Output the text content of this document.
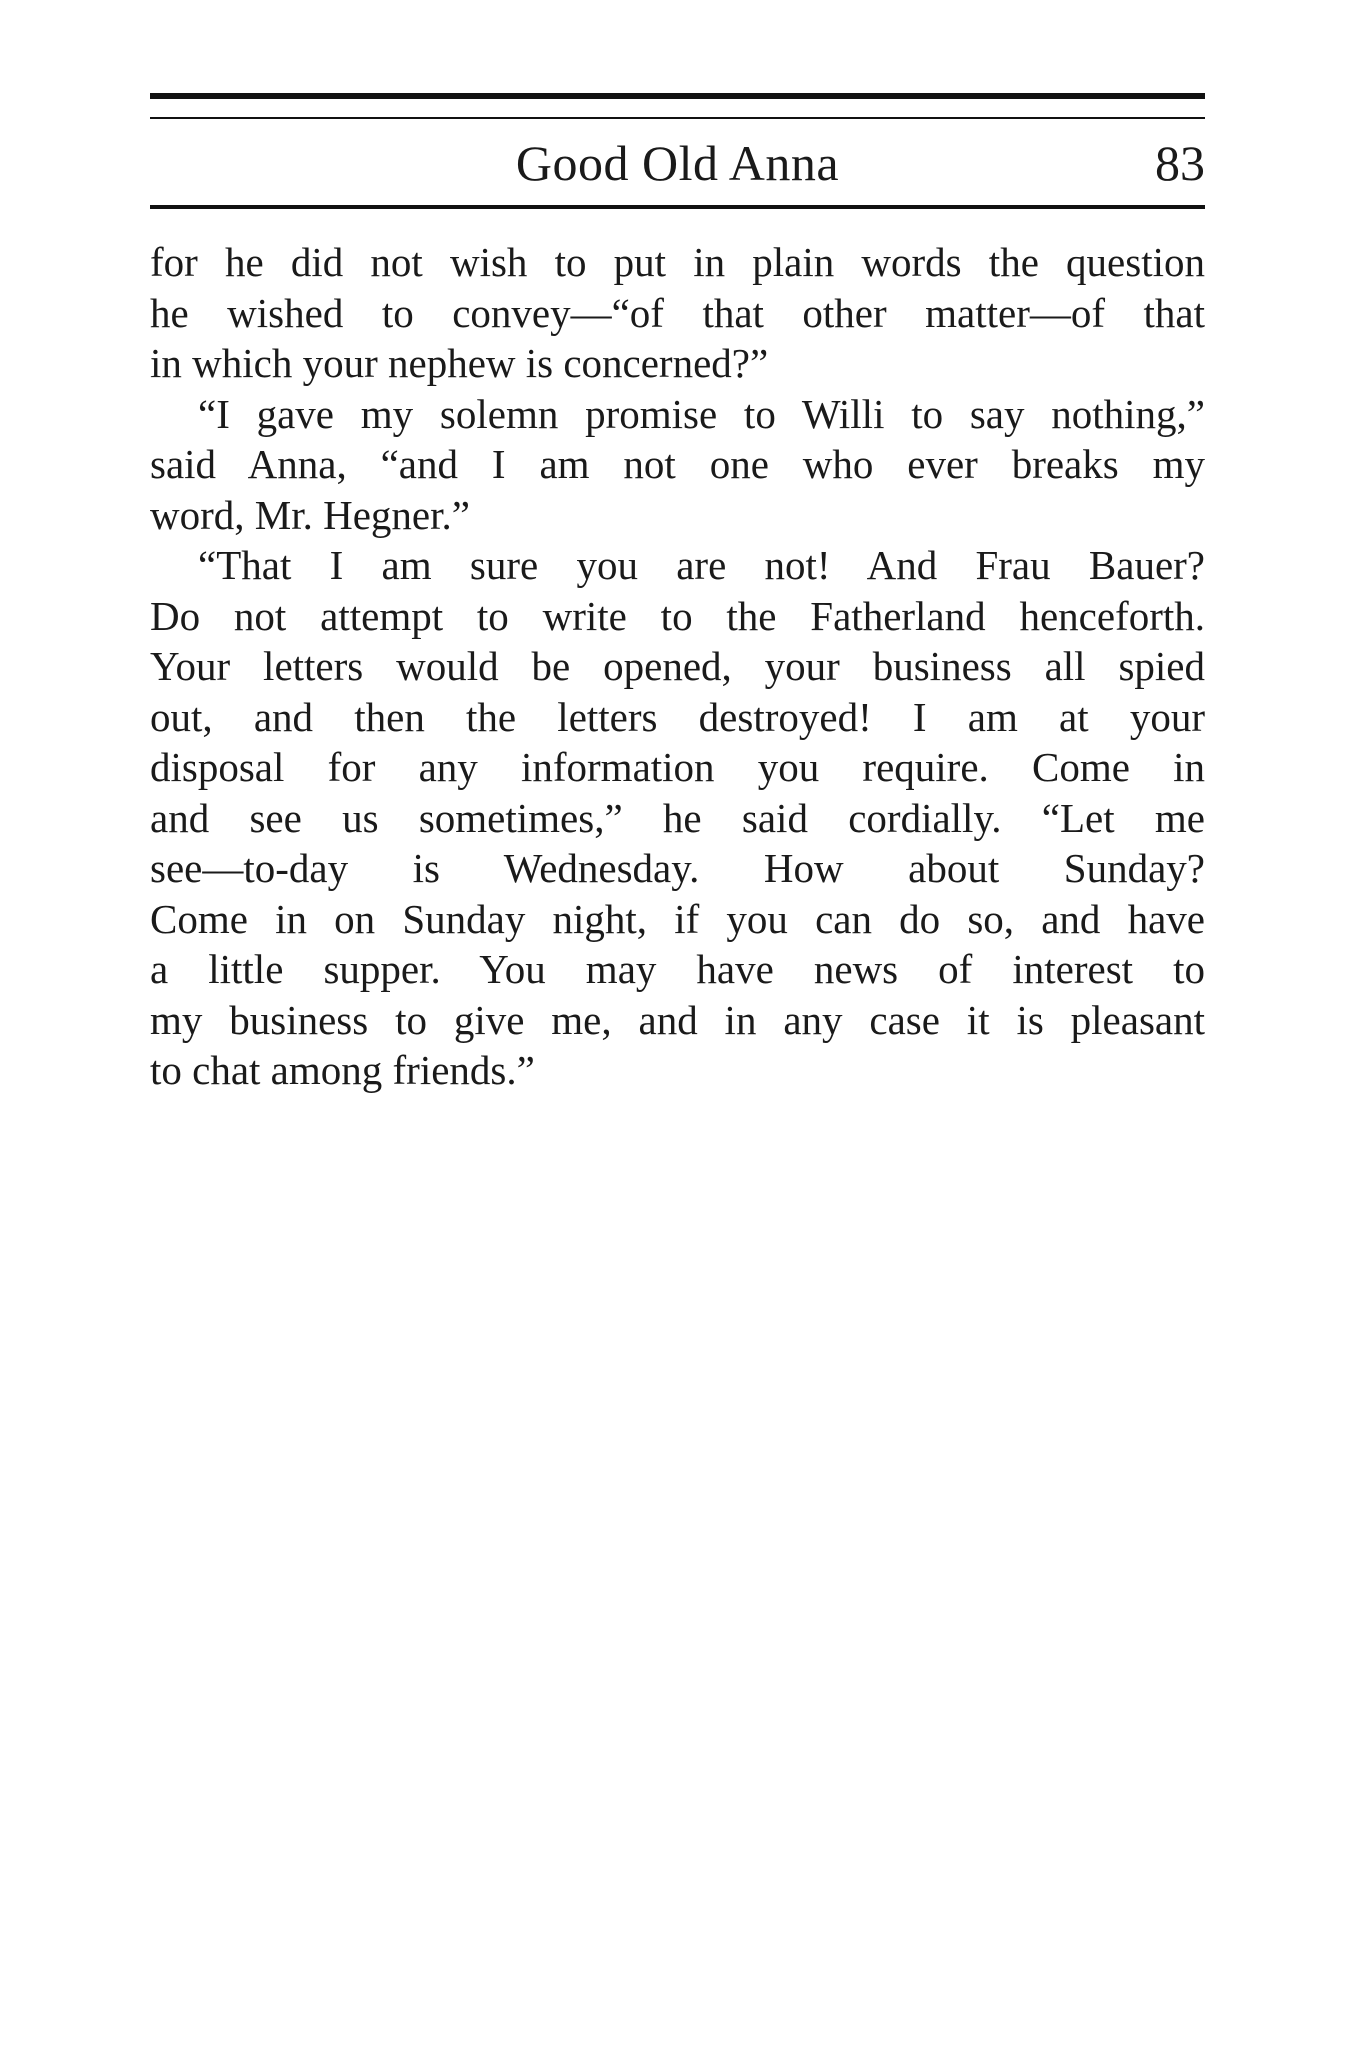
Good Old Anna	83
for he did not wish to put in plain words the question
he wished to convey—“of that other matter—of that
in which your nephew is concerned?”
“I gave my solemn promise to Willi to say nothing,”
said Anna, “and I am not one who ever breaks my
word, Mr. Hegner.”
“That I am sure you are not! And Frau Bauer?
Do not attempt to write to the Fatherland henceforth.
Your letters would be opened, your business all spied
out, and then the letters destroyed! I am at your
disposal for any information you require. Come in
and see us sometimes,” he said cordially. “Let me
see—to-day is Wednesday. How about Sunday?
Come in on Sunday night, if you can do so, and have
a little supper. You may have news of interest to
my business to give me, and in any case it is pleasant
to chat among friends.”
